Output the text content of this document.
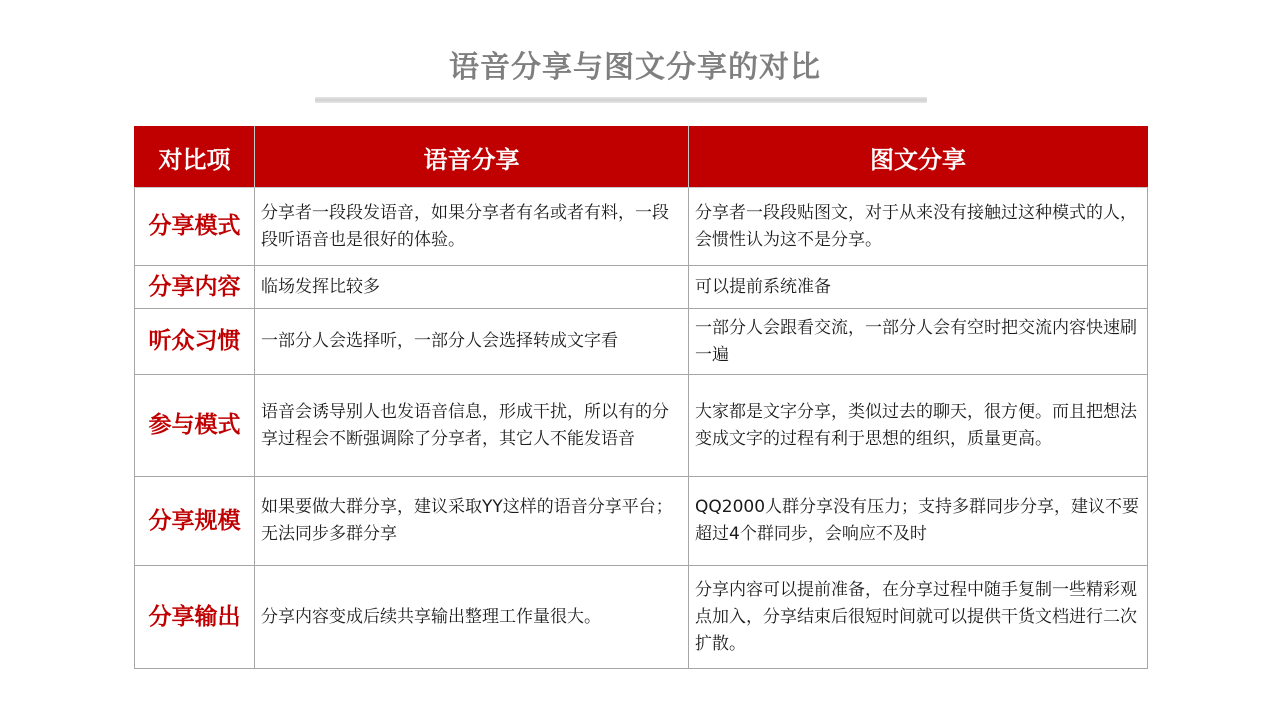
语音分享与图文分享的对比
对比项	语音分享	图文分享
分享模式	分享者一段段发语音，如果分享者有名或者有料，一段段听语音也是很好的体验。	分享者一段段贴图文，对于从来没有接触过这种模式的人，会惯性认为这不是分享。
分享内容	临场发挥比较多	可以提前系统准备
听众习惯	一部分人会选择听，一部分人会选择转成文字看	一部分人会跟看交流，一部分人会有空时把交流内容快速刷一遍
参与模式	语音会诱导别人也发语音信息，形成干扰，所以有的分享过程会不断强调除了分享者，其它人不能发语音	大家都是文字分享，类似过去的聊天，很方便。而且把想法变成文字的过程有利于思想的组织，质量更高。
分享规模	如果要做大群分享，建议采取YY这样的语音分享平台；无法同步多群分享	QQ2000人群分享没有压力；支持多群同步分享，建议不要超过4个群同步，会响应不及时
分享输出	分享内容变成后续共享输出整理工作量很大。	分享内容可以提前准备，在分享过程中随手复制一些精彩观点加入，分享结束后很短时间就可以提供干货文档进行二次扩散。
